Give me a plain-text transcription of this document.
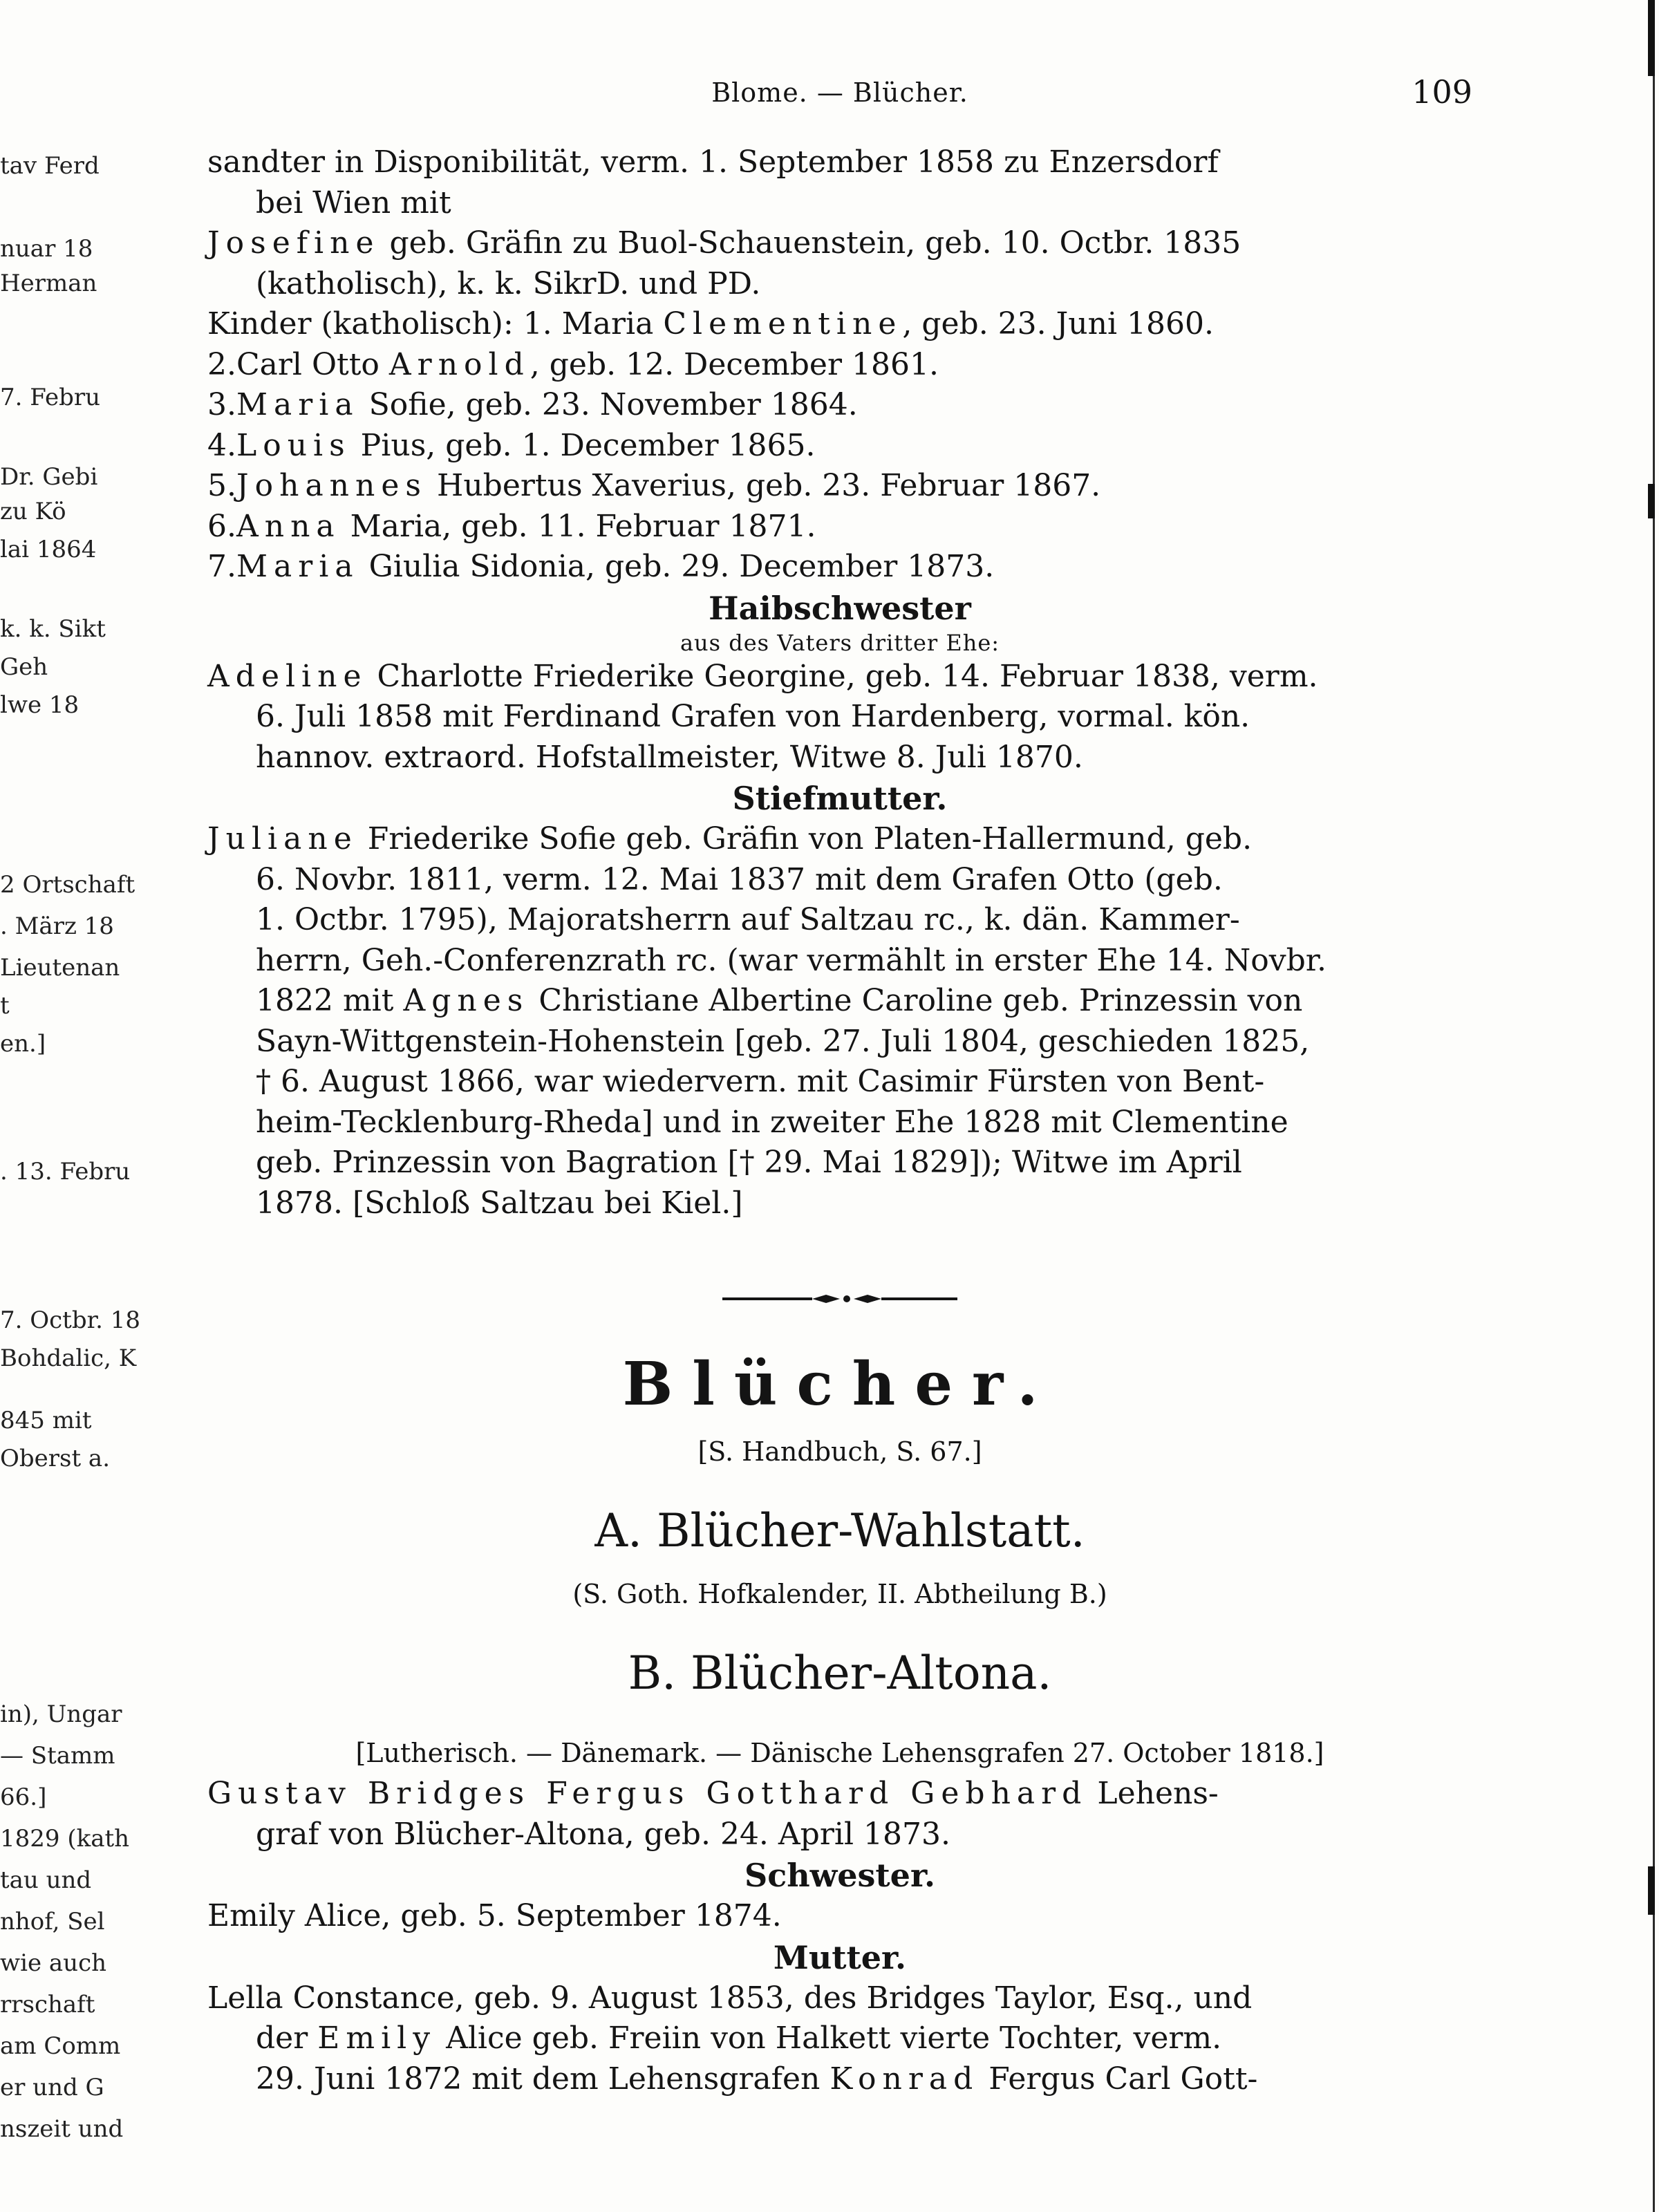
tav Ferd
nuar 18
Herman
7. Febru
Dr. Gebi
zu Kö
lai 1864
k. k. Sikt
Geh
lwe 18
2 Ortschaft
. März 18
Lieutenan
t
en.]
. 13. Febru
7. Octbr. 18
Bohdalic, K
845 mit
Oberst a.
in), Ungar
— Stamm
66.]
1829 (kath
tau und
nhof, Sel
wie auch
rrschaft
am Comm
er und G
nszeit und
Blome. — Blücher.	109

sandter in Disponibilität, verm. 1. September 1858 zu Enzersdorf
bei Wien mit

Josefine geb. Gräfin zu Buol-Schauenstein, geb. 10. Octbr. 1835
(katholisch), k. k. SikrD. und PD.

Kinder (katholisch): 1. Maria Clementine, geb. 23. Juni 1860.

2.Carl Otto Arnold, geb. 12. December 1861.

3.Maria Sofie, geb. 23. November 1864.

4.Louis Pius, geb. 1. December 1865.

5.Johannes Hubertus Xaverius, geb. 23. Februar 1867.

6.Anna Maria, geb. 11. Februar 1871.

7.Maria Giulia Sidonia, geb. 29. December 1873.

Haibschwester
aus des Vaters dritter Ehe:

Adeline Charlotte Friederike Georgine, geb. 14. Februar 1838, verm.
6. Juli 1858 mit Ferdinand Grafen von Hardenberg, vormal. kön.
hannov. extraord. Hofstallmeister, Witwe 8. Juli 1870.

Stiefmutter.

Juliane Friederike Sofie geb. Gräfin von Platen-Hallermund, geb.
6. Novbr. 1811, verm. 12. Mai 1837 mit dem Grafen Otto (geb.
1. Octbr. 1795), Majoratsherrn auf Saltzau rc., k. dän. Kammer-
herrn, Geh.-Conferenzrath rc. (war vermählt in erster Ehe 14. Novbr.
1822 mit Agnes Christiane Albertine Caroline geb. Prinzessin von
Sayn-Wittgenstein-Hohenstein [geb. 27. Juli 1804, geschieden 1825,
† 6. August 1866, war wiedervern. mit Casimir Fürsten von Bent-
heim-Tecklenburg-Rheda] und in zweiter Ehe 1828 mit Clementine
geb. Prinzessin von Bagration [† 29. Mai 1829]); Witwe im April
1878. [Schloß Saltzau bei Kiel.]

Blücher.
[S. Handbuch, S. 67.]
A. Blücher-Wahlstatt.
(S. Goth. Hofkalender, II. Abtheilung B.)
B. Blücher-Altona.
[Lutherisch. — Dänemark. — Dänische Lehensgrafen 27. October 1818.]

Gustav Bridges Fergus Gotthard Gebhard Lehens-
graf von Blücher-Altona, geb. 24. April 1873.

Schwester.

Emily Alice, geb. 5. September 1874.

Mutter.

Lella Constance, geb. 9. August 1853, des Bridges Taylor, Esq., und
der Emily Alice geb. Freiin von Halkett vierte Tochter, verm.
29. Juni 1872 mit dem Lehensgrafen Konrad Fergus Carl Gott-
